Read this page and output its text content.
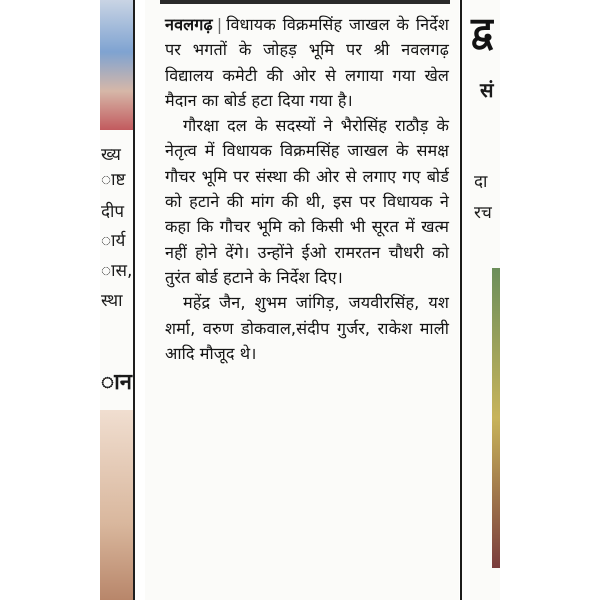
ख्य
ाष्ट
दीप
ार्य
ास,
स्था
ान
द्व
सं
दा
रच

नवलगढ़ | विधायक विक्रमसिंह जाखल के निर्देश पर भगतों के जोहड़ भूमि पर श्री नवलगढ़ विद्यालय कमेटी की ओर से लगाया गया खेल मैदान का बोर्ड हटा दिया गया है।

गौरक्षा दल के सदस्यों ने भैरोसिंह राठौड़ के नेतृत्व में विधायक विक्रमसिंह जाखल के समक्ष गौचर भूमि पर संस्था की ओर से लगाए गए बोर्ड को हटाने की मांग की थी, इस पर विधायक ने कहा कि गौचर भूमि को किसी भी सूरत में खत्म नहीं होने देंगे। उन्होंने ईओ रामरतन चौधरी को तुरंत बोर्ड हटाने के निर्देश दिए।

महेंद्र जैन, शुभम जांगिड़, जयवीरसिंह, यश शर्मा, वरुण डोकवाल,संदीप गुर्जर, राकेश माली आदि मौजूद थे।
